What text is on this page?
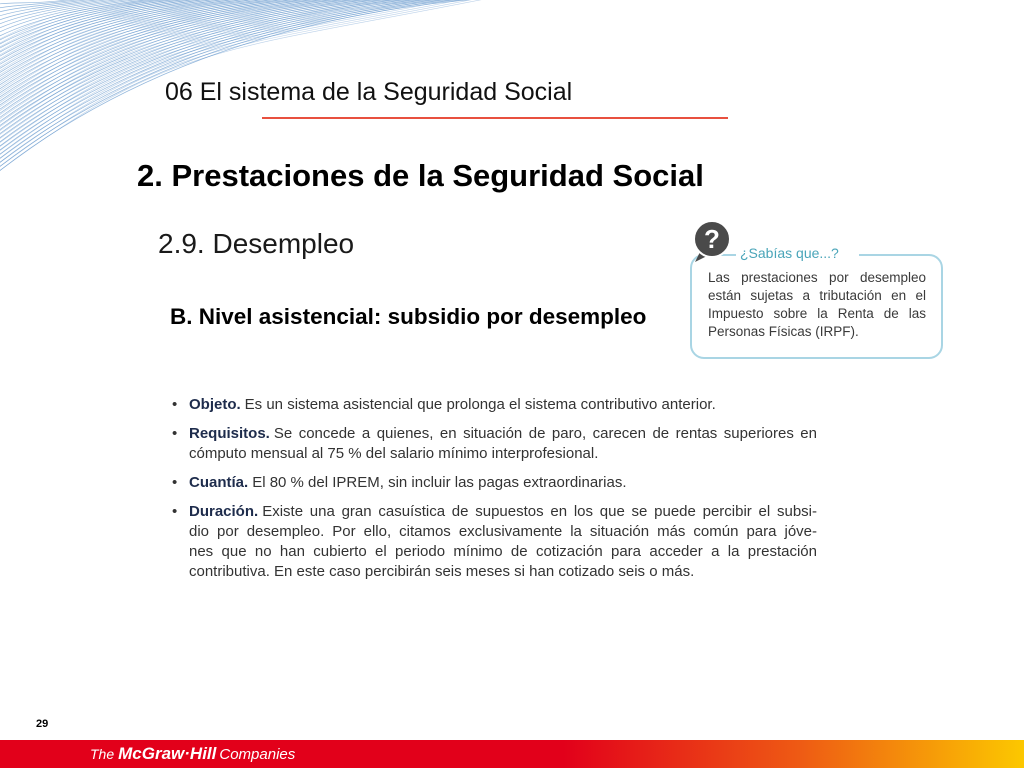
06 El sistema de la Seguridad Social
2. Prestaciones de la Seguridad Social
2.9. Desempleo
B. Nivel asistencial: subsidio por desempleo
¿Sabías que...?
?
Las prestaciones por desempleo
están sujetas a tributación en el
Impuesto sobre la Renta de las
Personas Físicas (IRPF).
• Objeto. Es un sistema asistencial que prolonga el sistema contributivo anterior.
• Requisitos. Se concede a quienes, en situación de paro, carecen de rentas superiores en
cómputo mensual al 75 % del salario mínimo interprofesional.
• Cuantía. El 80 % del IPREM, sin incluir las pagas extraordinarias.
• Duración. Existe una gran casuística de supuestos en los que se puede percibir el subsi-
dio por desempleo. Por ello, citamos exclusivamente la situación más común para jóve-
nes que no han cubierto el periodo mínimo de cotización para acceder a la prestación
contributiva. En este caso percibirán seis meses si han cotizado seis o más.
29
The McGraw·Hill Companies
